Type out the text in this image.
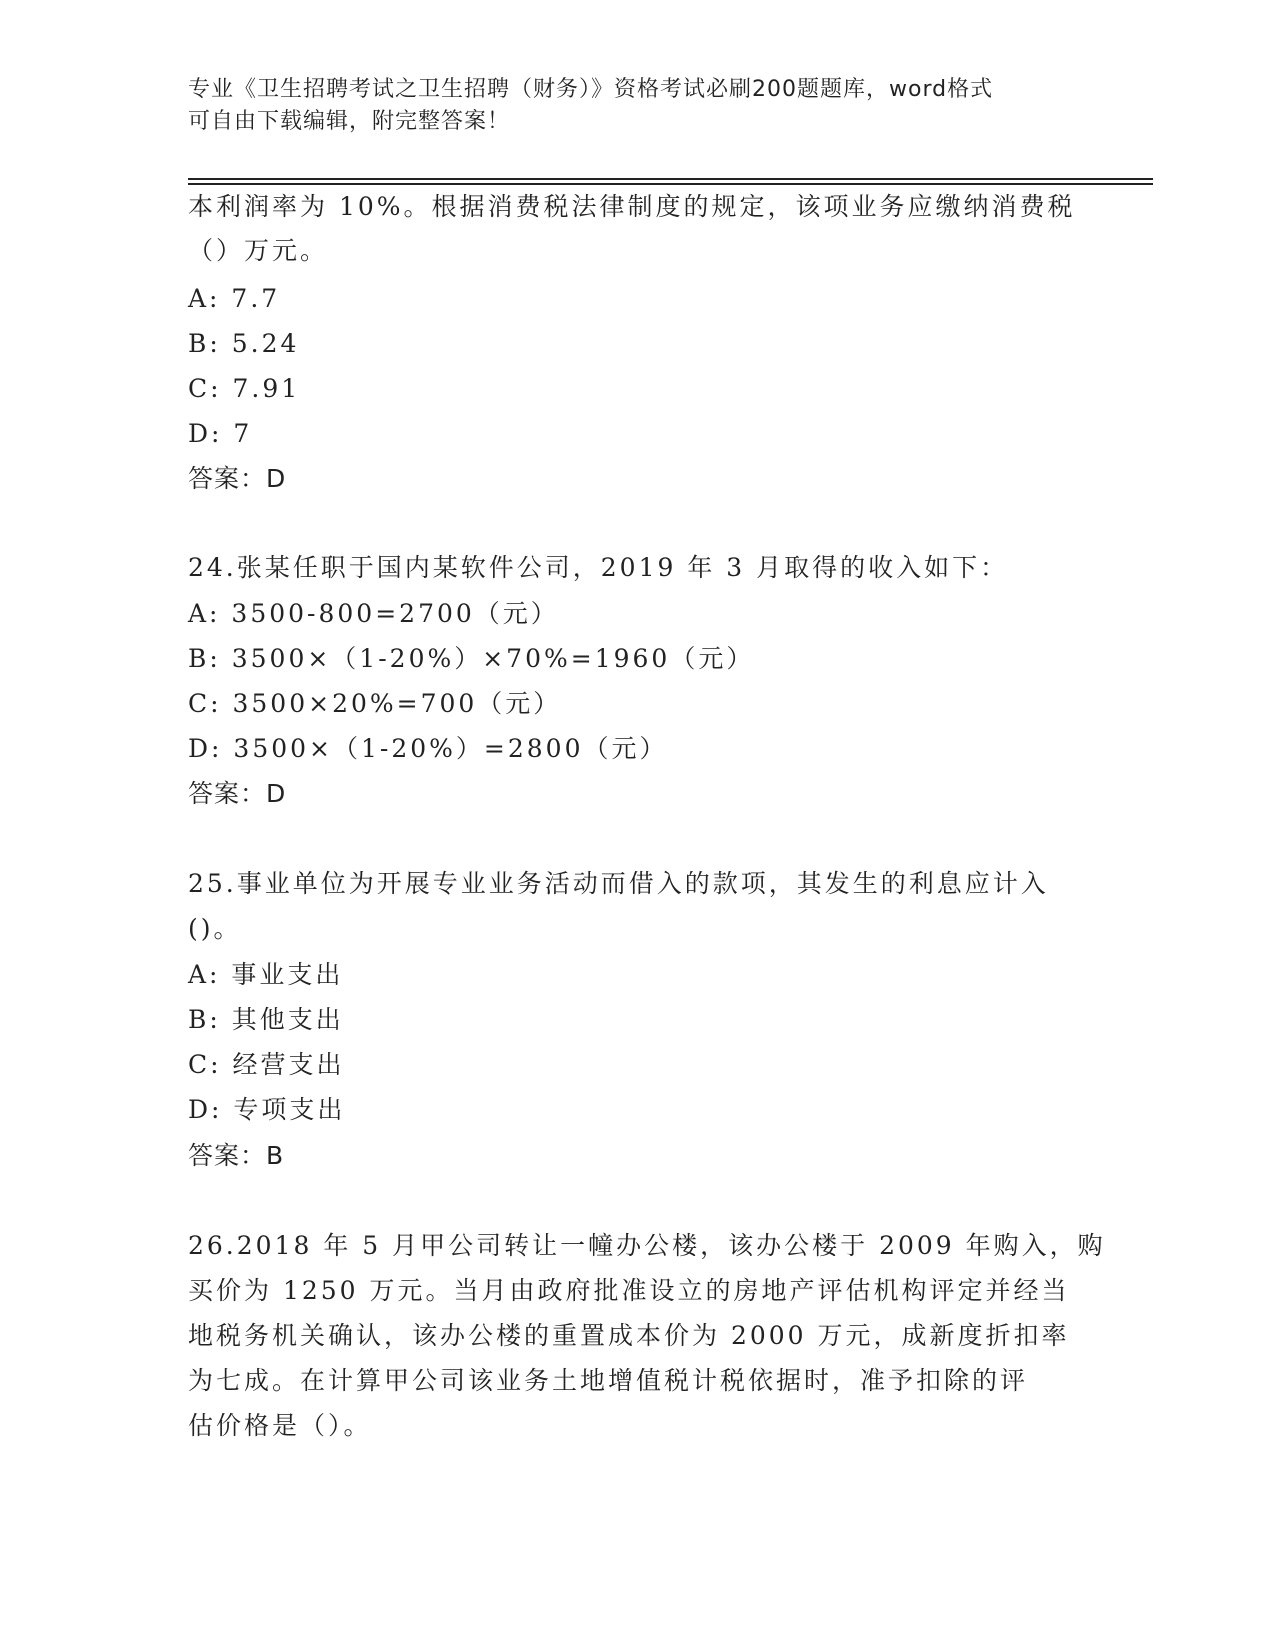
专业《卫生招聘考试之卫生招聘（财务）》资格考试必刷200题题库，word格式
可自由下载编辑，附完整答案！
本利润率为 10%。根据消费税法律制度的规定，该项业务应缴纳消费税
（）万元。
A: 7.7
B: 5.24
C: 7.91
D: 7
答案：D
24.张某任职于国内某软件公司，2019 年 3 月取得的收入如下：
A: 3500-800=2700（元）
B: 3500×（1-20%）×70%=1960（元）
C: 3500×20%=700（元）
D: 3500×（1-20%）=2800（元）
答案：D
25.事业单位为开展专业业务活动而借入的款项，其发生的利息应计入
()。
A: 事业支出
B: 其他支出
C: 经营支出
D: 专项支出
答案：B
26.2018 年 5 月甲公司转让一幢办公楼，该办公楼于 2009 年购入，购
买价为 1250 万元。当月由政府批准设立的房地产评估机构评定并经当
地税务机关确认，该办公楼的重置成本价为 2000 万元，成新度折扣率
为七成。在计算甲公司该业务土地增值税计税依据时，准予扣除的评
估价格是（）。
